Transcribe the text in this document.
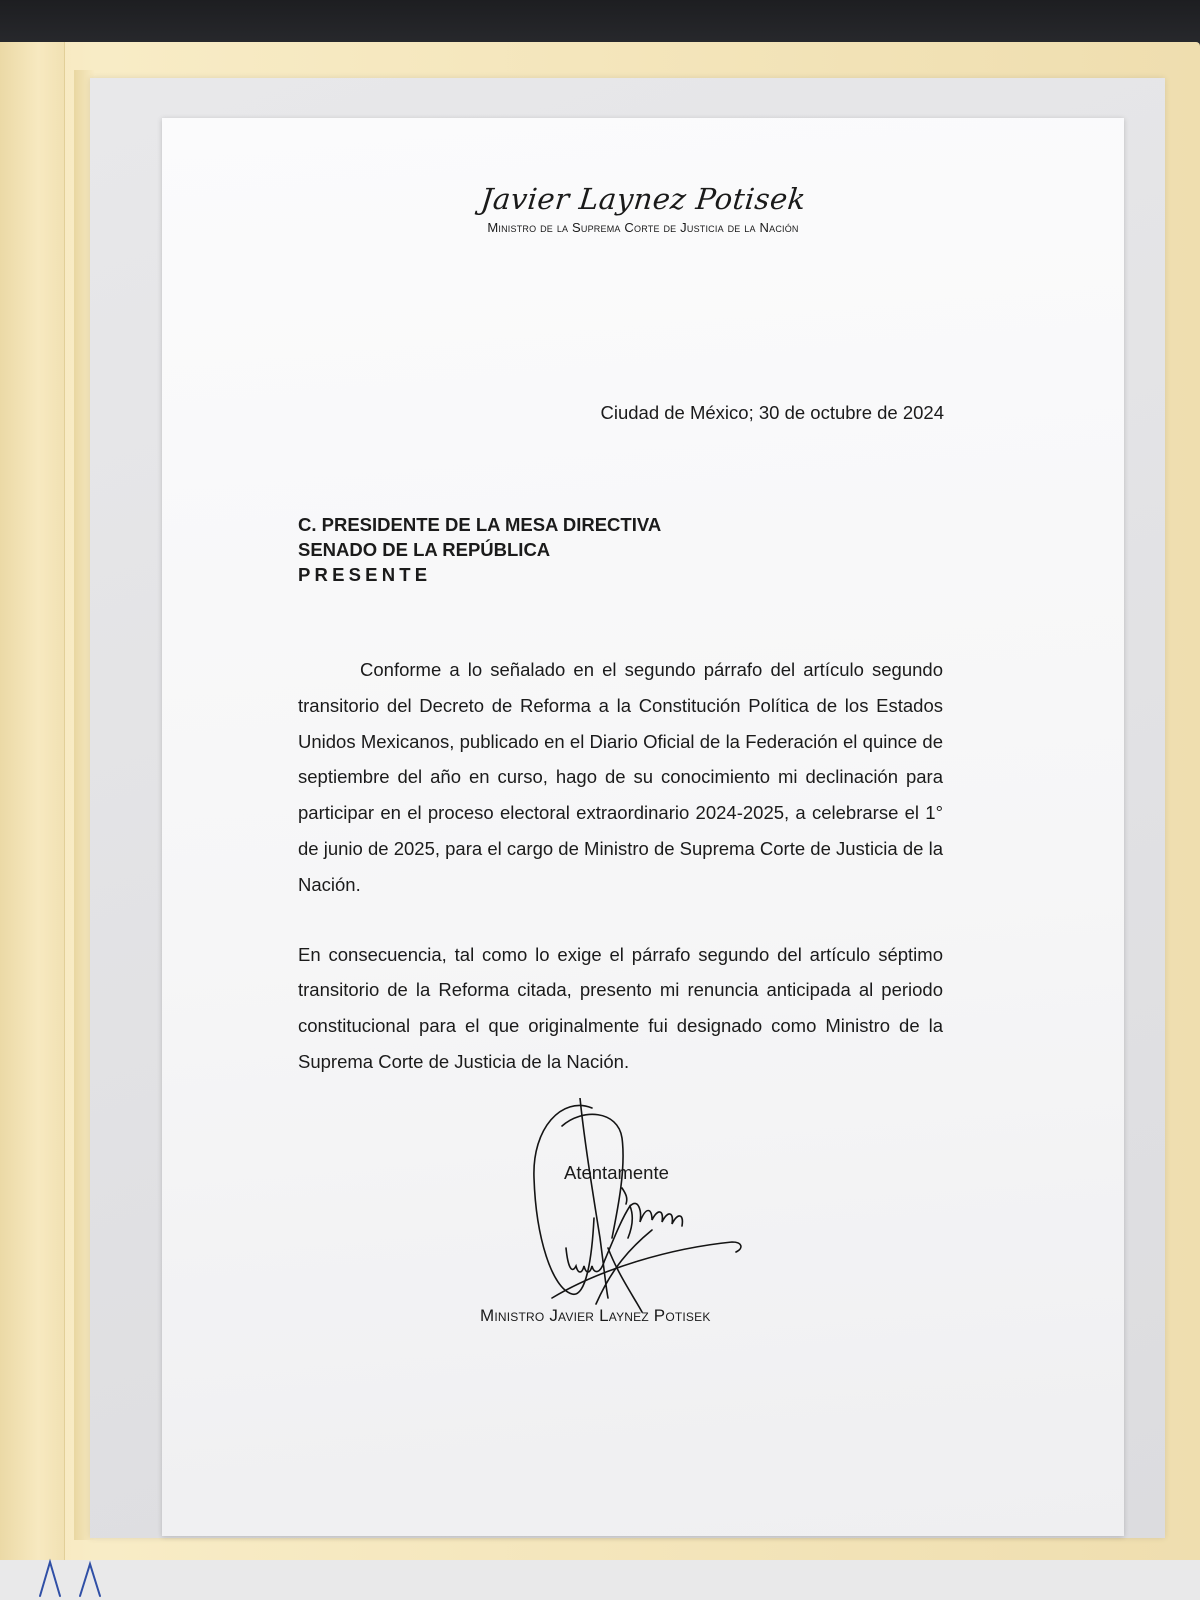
Javier Laynez Potisek
Ministro de la Suprema Corte de Justicia de la Nación
Ciudad de México; 30 de octubre de 2024
C. PRESIDENTE DE LA MESA DIRECTIVA
SENADO DE LA REPÚBLICA
PRESENTE

Conforme a lo señalado en el segundo párrafo del artículo segundo transitorio del Decreto de Reforma a la Constitución Política de los Estados Unidos Mexicanos, publicado en el Diario Oficial de la Federación el quince de septiembre del año en curso, hago de su conocimiento mi declinación para participar en el proceso electoral extraordinario 2024-2025, a celebrarse el 1° de junio de 2025, para el cargo de Ministro de Suprema Corte de Justicia de la Nación.

En consecuencia, tal como lo exige el párrafo segundo del artículo séptimo transitorio de la Reforma citada, presento mi renuncia anticipada al periodo constitucional para el que originalmente fui designado como Ministro de la Suprema Corte de Justicia de la Nación.

Atentamente
Ministro Javier Laynez Potisek
